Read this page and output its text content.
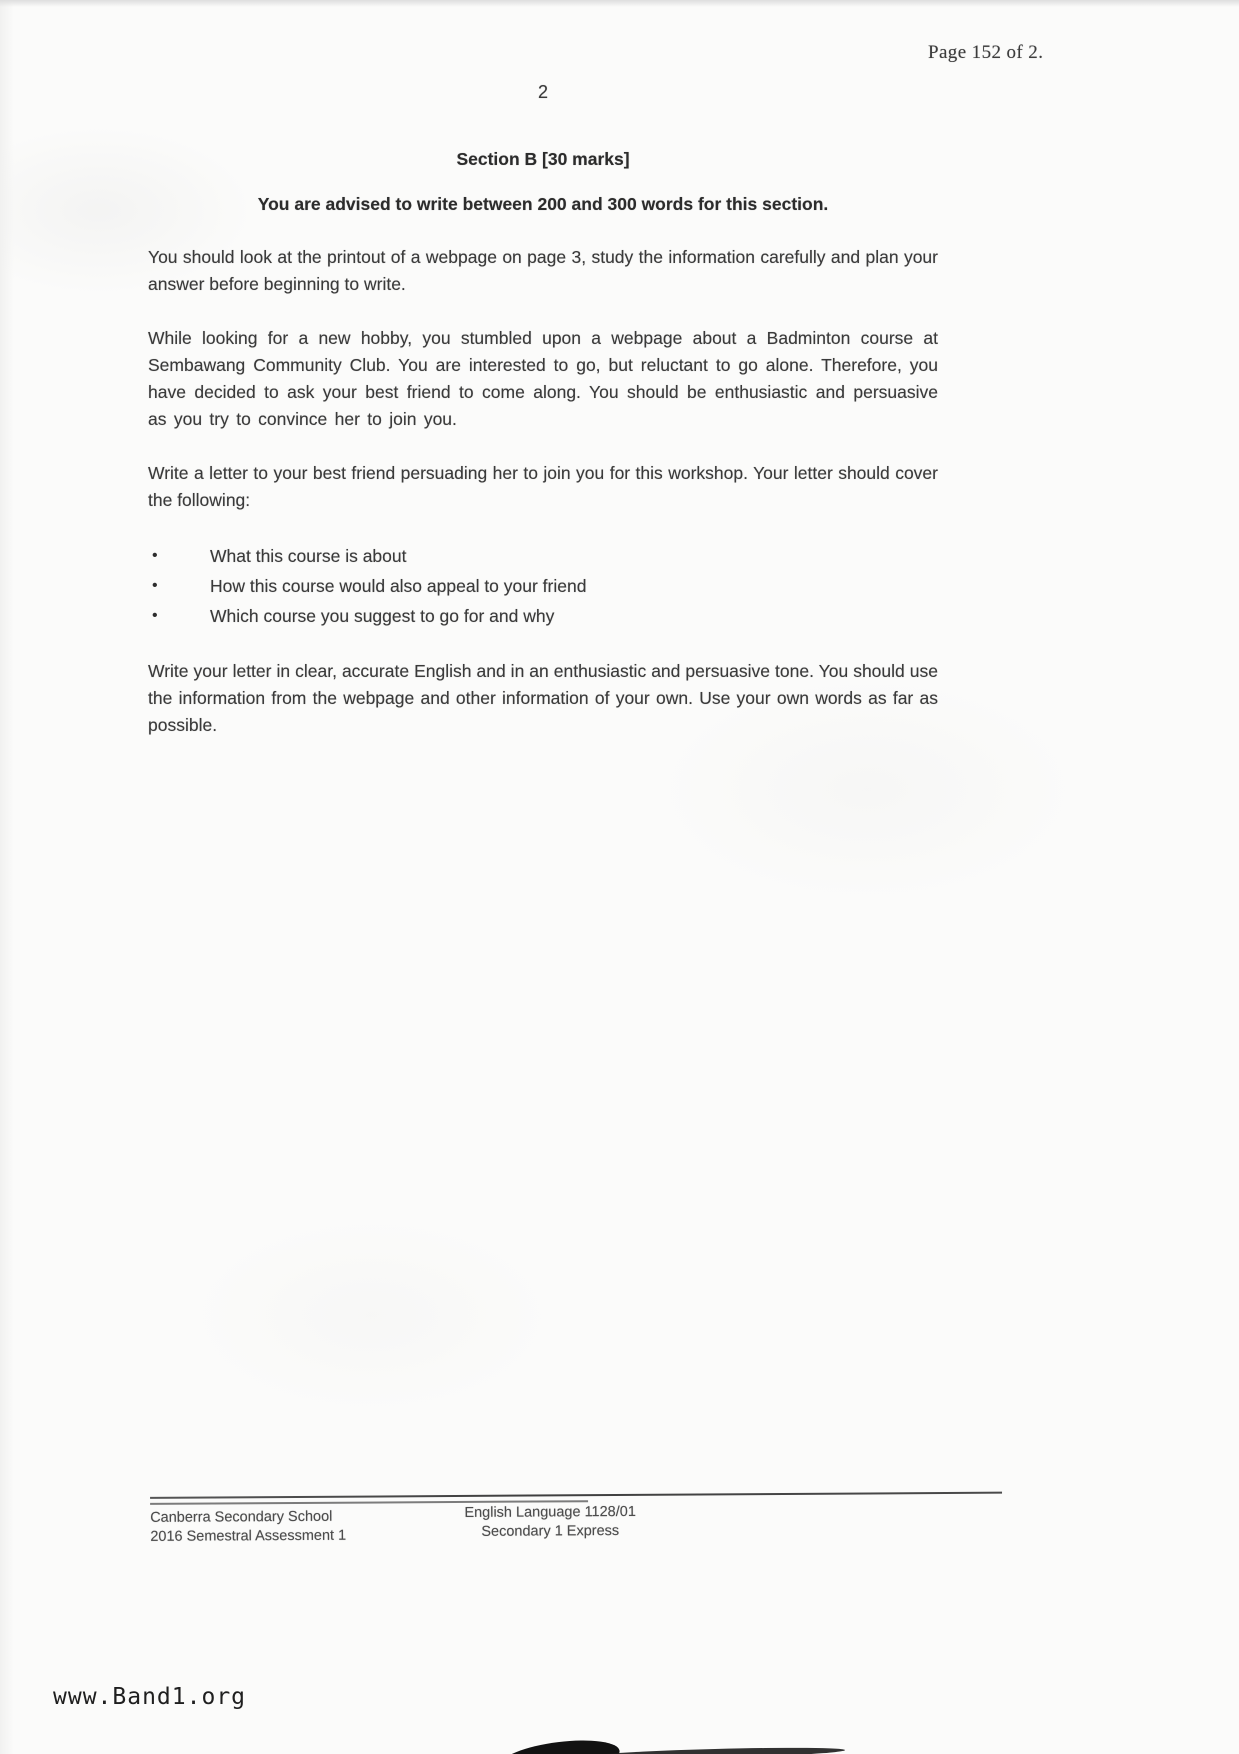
Page 152 of 2.
2
Section B [30 marks]
You are advised to write between 200 and 300 words for this section.

You should look at the printout of a webpage on page 3, study the information carefully and plan your answer before beginning to write.

While looking for a new hobby, you stumbled upon a webpage about a Badminton course at Sembawang Community Club. You are interested to go, but reluctant to go alone. Therefore, you have decided to ask your best friend to come along. You should be enthusiastic and persuasive as you try to convince her to join you.

Write a letter to your best friend persuading her to join you for this workshop. Your letter should cover the following:

•	What this course is about
•	How this course would also appeal to your friend
•	Which course you suggest to go for and why

Write your letter in clear, accurate English and in an enthusiastic and persuasive tone. You should use the information from the webpage and other information of your own. Use your own words as far as possible.

Canberra Secondary School
2016 Semestral Assessment 1
English Language 1128/01
Secondary 1 Express
www.Band1.org
